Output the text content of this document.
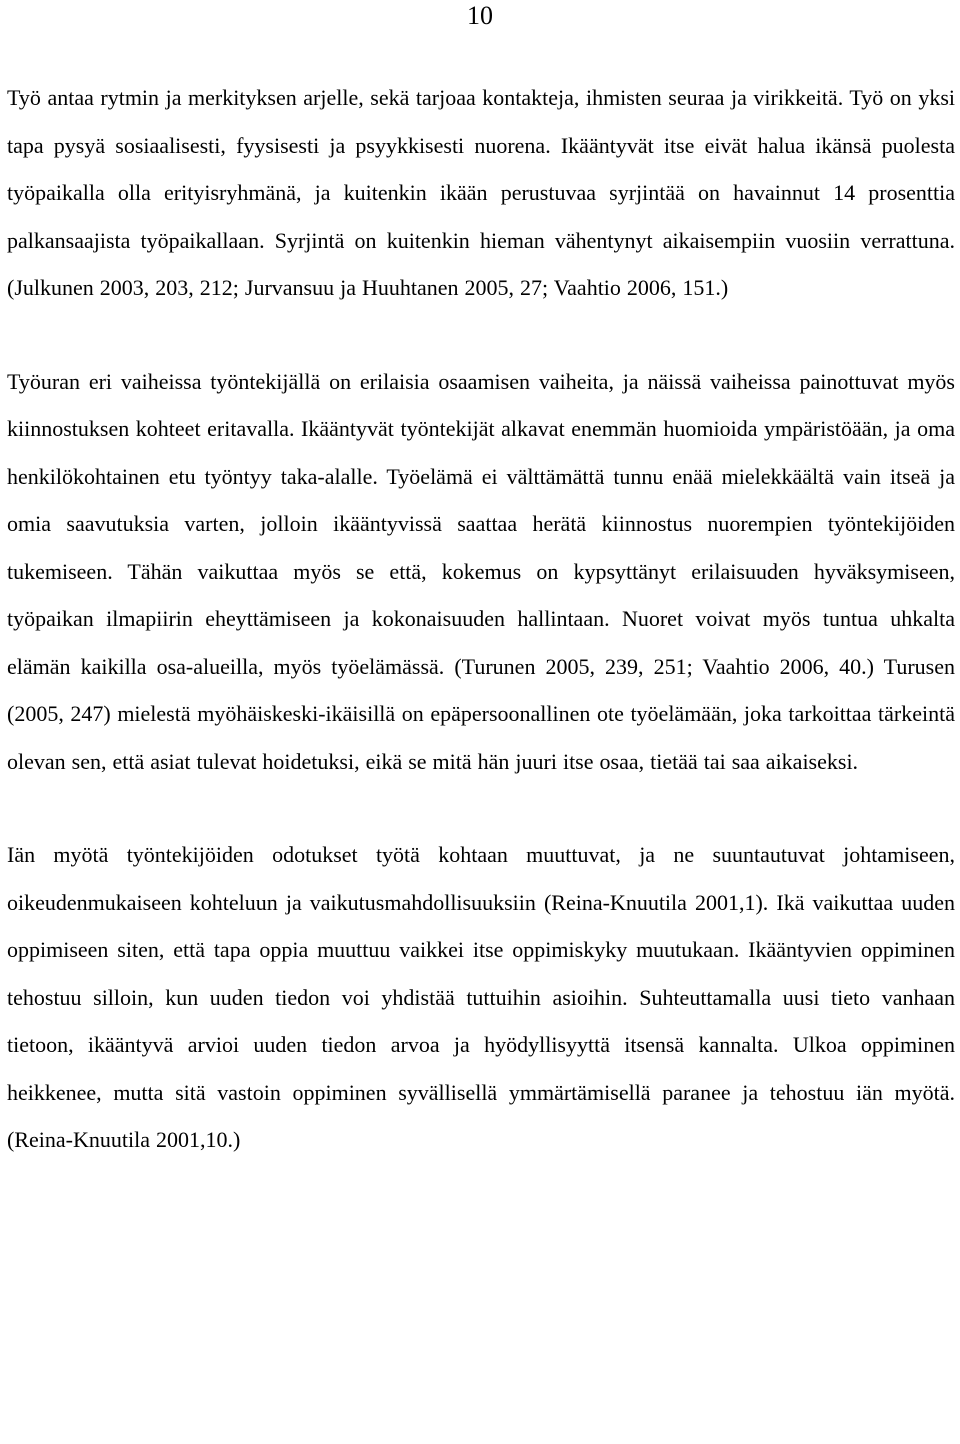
10

Työ antaa rytmin ja merkityksen arjelle, sekä tarjoaa kontakteja, ihmisten seuraa ja virikkeitä. Työ on yksi tapa pysyä sosiaalisesti, fyysisesti ja psyykkisesti nuorena. Ikääntyvät itse eivät halua ikänsä puolesta työpaikalla olla erityisryhmänä, ja kuitenkin ikään perustuvaa syrjintää on havainnut 14 prosenttia palkansaajista työpaikallaan. Syrjintä on kuitenkin hieman vähentynyt aikaisempiin vuosiin verrattuna. (Julkunen 2003, 203, 212; Jurvansuu ja Huuhtanen 2005, 27; Vaahtio 2006, 151.)

Työuran eri vaiheissa työntekijällä on erilaisia osaamisen vaiheita, ja näissä vaiheissa painottuvat myös kiinnostuksen kohteet eritavalla. Ikääntyvät työntekijät alkavat enemmän huomioida ympäristöään, ja oma henkilökohtainen etu työntyy taka-alalle. Työelämä ei välttämättä tunnu enää mielekkäältä vain itseä ja omia saavutuksia varten, jolloin ikääntyvissä saattaa herätä kiinnostus nuorempien työntekijöiden tukemiseen. Tähän vaikuttaa myös se että, kokemus on kypsyttänyt erilaisuuden hyväksymiseen, työpaikan ilmapiirin eheyttämiseen ja kokonaisuuden hallintaan. Nuoret voivat myös tuntua uhkalta elämän kaikilla osa-alueilla, myös työelämässä. (Turunen 2005, 239, 251; Vaahtio 2006, 40.) Turusen (2005, 247) mielestä myöhäiskeski-ikäisillä on epäpersoonallinen ote työelämään, joka tarkoittaa tärkeintä olevan sen, että asiat tulevat hoidetuksi, eikä se mitä hän juuri itse osaa, tietää tai saa aikaiseksi.

Iän myötä työntekijöiden odotukset työtä kohtaan muuttuvat, ja ne suuntautuvat johtamiseen, oikeudenmukaiseen kohteluun ja vaikutusmahdollisuuksiin (Reina-Knuutila 2001,1). Ikä vaikuttaa uuden oppimiseen siten, että tapa oppia muuttuu vaikkei itse oppimiskyky muutukaan. Ikääntyvien oppiminen tehostuu silloin, kun uuden tiedon voi yhdistää tuttuihin asioihin. Suhteuttamalla uusi tieto vanhaan tietoon, ikääntyvä arvioi uuden tiedon arvoa ja hyödyllisyyttä itsensä kannalta. Ulkoa oppiminen heikkenee, mutta sitä vastoin oppiminen syvällisellä ymmärtämisellä paranee ja tehostuu iän myötä. (Reina-Knuutila 2001,10.)
